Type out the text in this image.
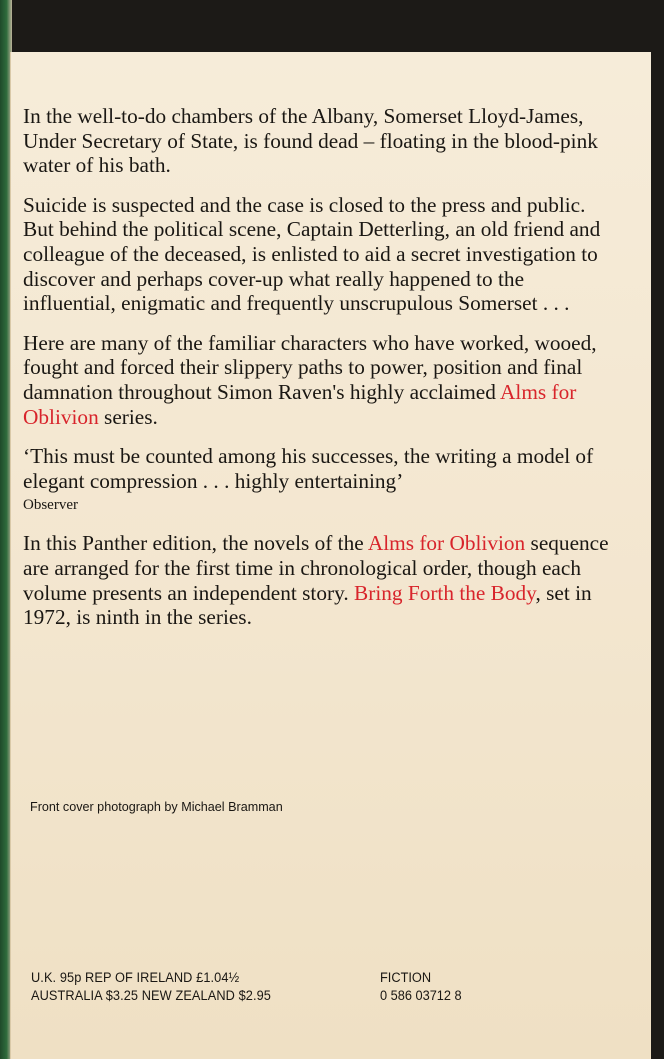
In the well-to-do chambers of the Albany, Somerset Lloyd-James, Under Secretary of State, is found dead – floating in the blood-pink water of his bath.

Suicide is suspected and the case is closed to the press and public. But behind the political scene, Captain Detterling, an old friend and colleague of the deceased, is enlisted to aid a secret investigation to discover and perhaps cover-up what really happened to the influential, enigmatic and frequently unscrupulous Somerset . . .

Here are many of the familiar characters who have worked, wooed, fought and forced their slippery paths to power, position and final damnation throughout Simon Raven's highly acclaimed Alms for Oblivion series.

‘This must be counted among his successes, the writing a model of elegant compression . . . highly entertaining’

Observer

In this Panther edition, the novels of the Alms for Oblivion sequence are arranged for the first time in chronological order, though each volume presents an independent story. Bring Forth the Body, set in 1972, is ninth in the series.

Front cover photograph by Michael Bramman
U.K. 95p REP OF IRELAND £1.04½
AUSTRALIA $3.25 NEW ZEALAND $2.95
FICTION
0 586 03712 8
